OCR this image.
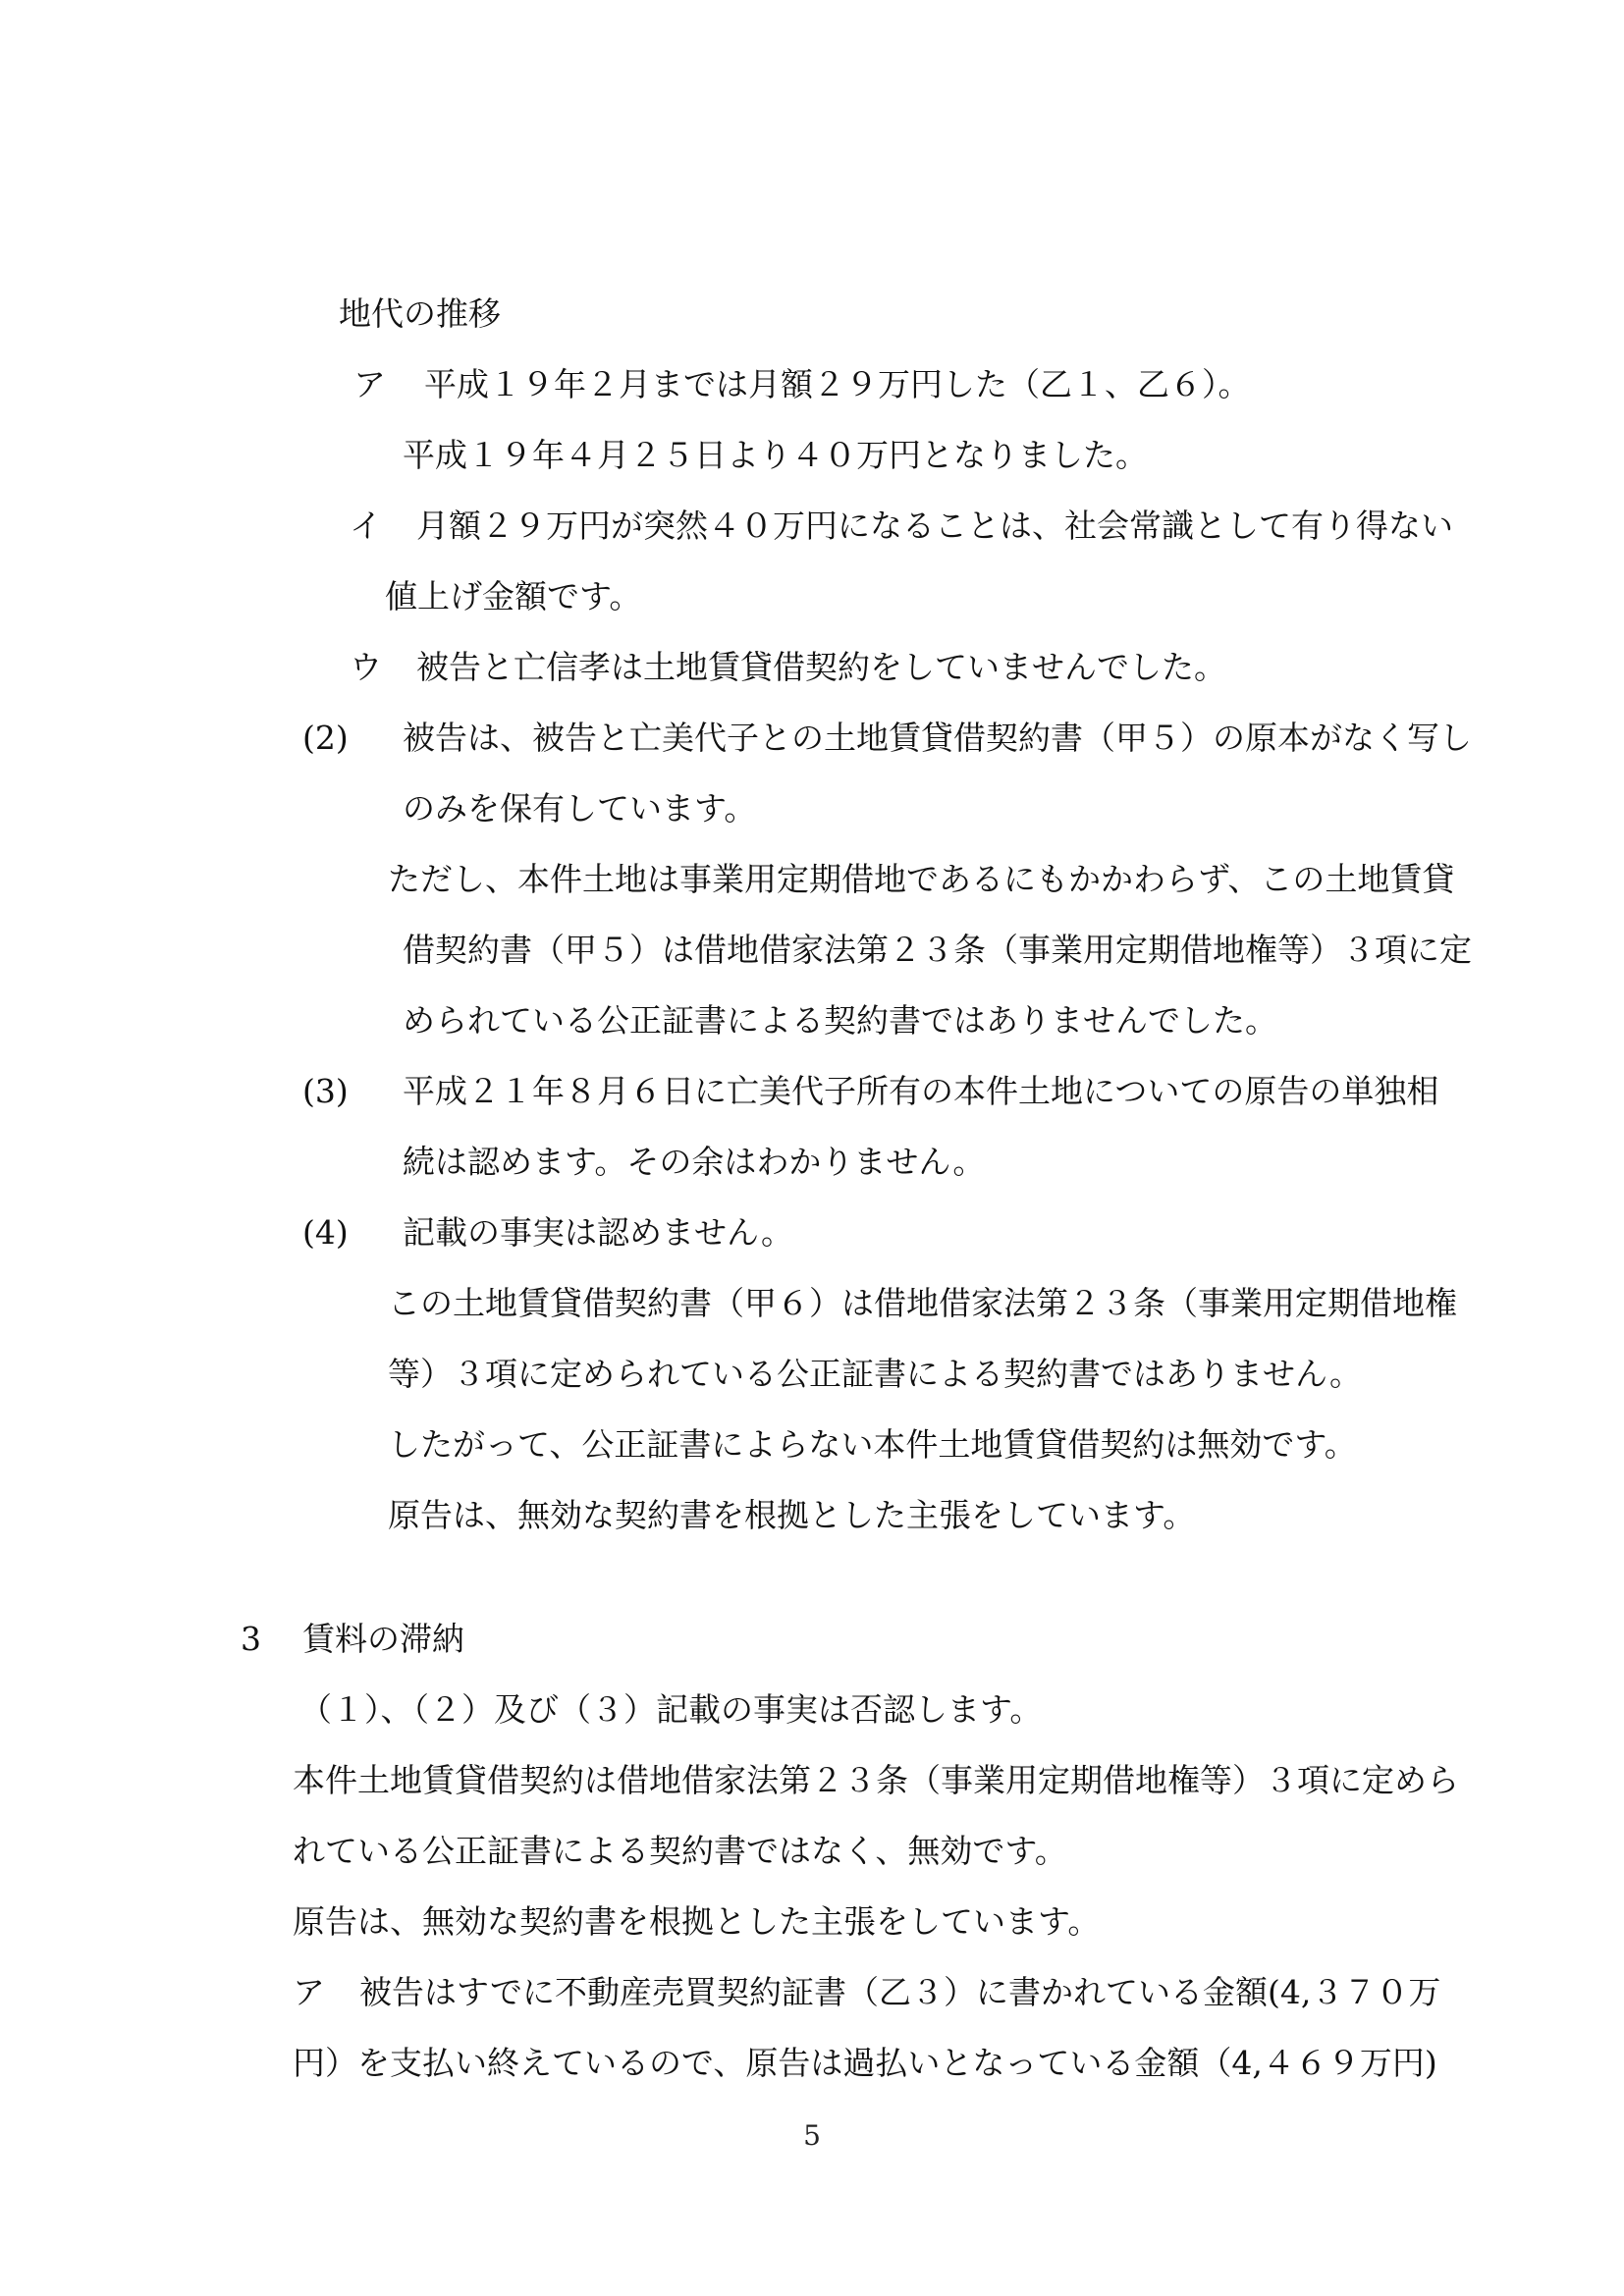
地代の推移

ア 平成１９年２月までは月額２９万円した（乙１、乙６）。

平成１９年４月２５日より４０万円となりました。

イ 月額２９万円が突然４０万円になることは、社会常識として有り得ない

値上げ金額です。

ウ 被告と亡信孝は土地賃貸借契約をしていませんでした。

(2) 被告は、被告と亡美代子との土地賃貸借契約書（甲５）の原本がなく写し

のみを保有しています。

ただし、本件土地は事業用定期借地であるにもかかわらず、この土地賃貸

借契約書（甲５）は借地借家法第２３条（事業用定期借地権等）３項に定

められている公正証書による契約書ではありませんでした。

(3) 平成２１年８月６日に亡美代子所有の本件土地についての原告の単独相

続は認めます。その余はわかりません。

(4) 記載の事実は認めません。

この土地賃貸借契約書（甲６）は借地借家法第２３条（事業用定期借地権

等）３項に定められている公正証書による契約書ではありません。

したがって、公正証書によらない本件土地賃貸借契約は無効です。

原告は、無効な契約書を根拠とした主張をしています。

3 賃料の滞納

（１）、（２）及び（３）記載の事実は否認します。

本件土地賃貸借契約は借地借家法第２３条（事業用定期借地権等）３項に定めら

れている公正証書による契約書ではなく、無効です。

原告は、無効な契約書を根拠とした主張をしています。

ア 被告はすでに不動産売買契約証書（乙３）に書かれている金額(4,３７０万

円）を支払い終えているので、原告は過払いとなっている金額（4,４６９万円)

5
